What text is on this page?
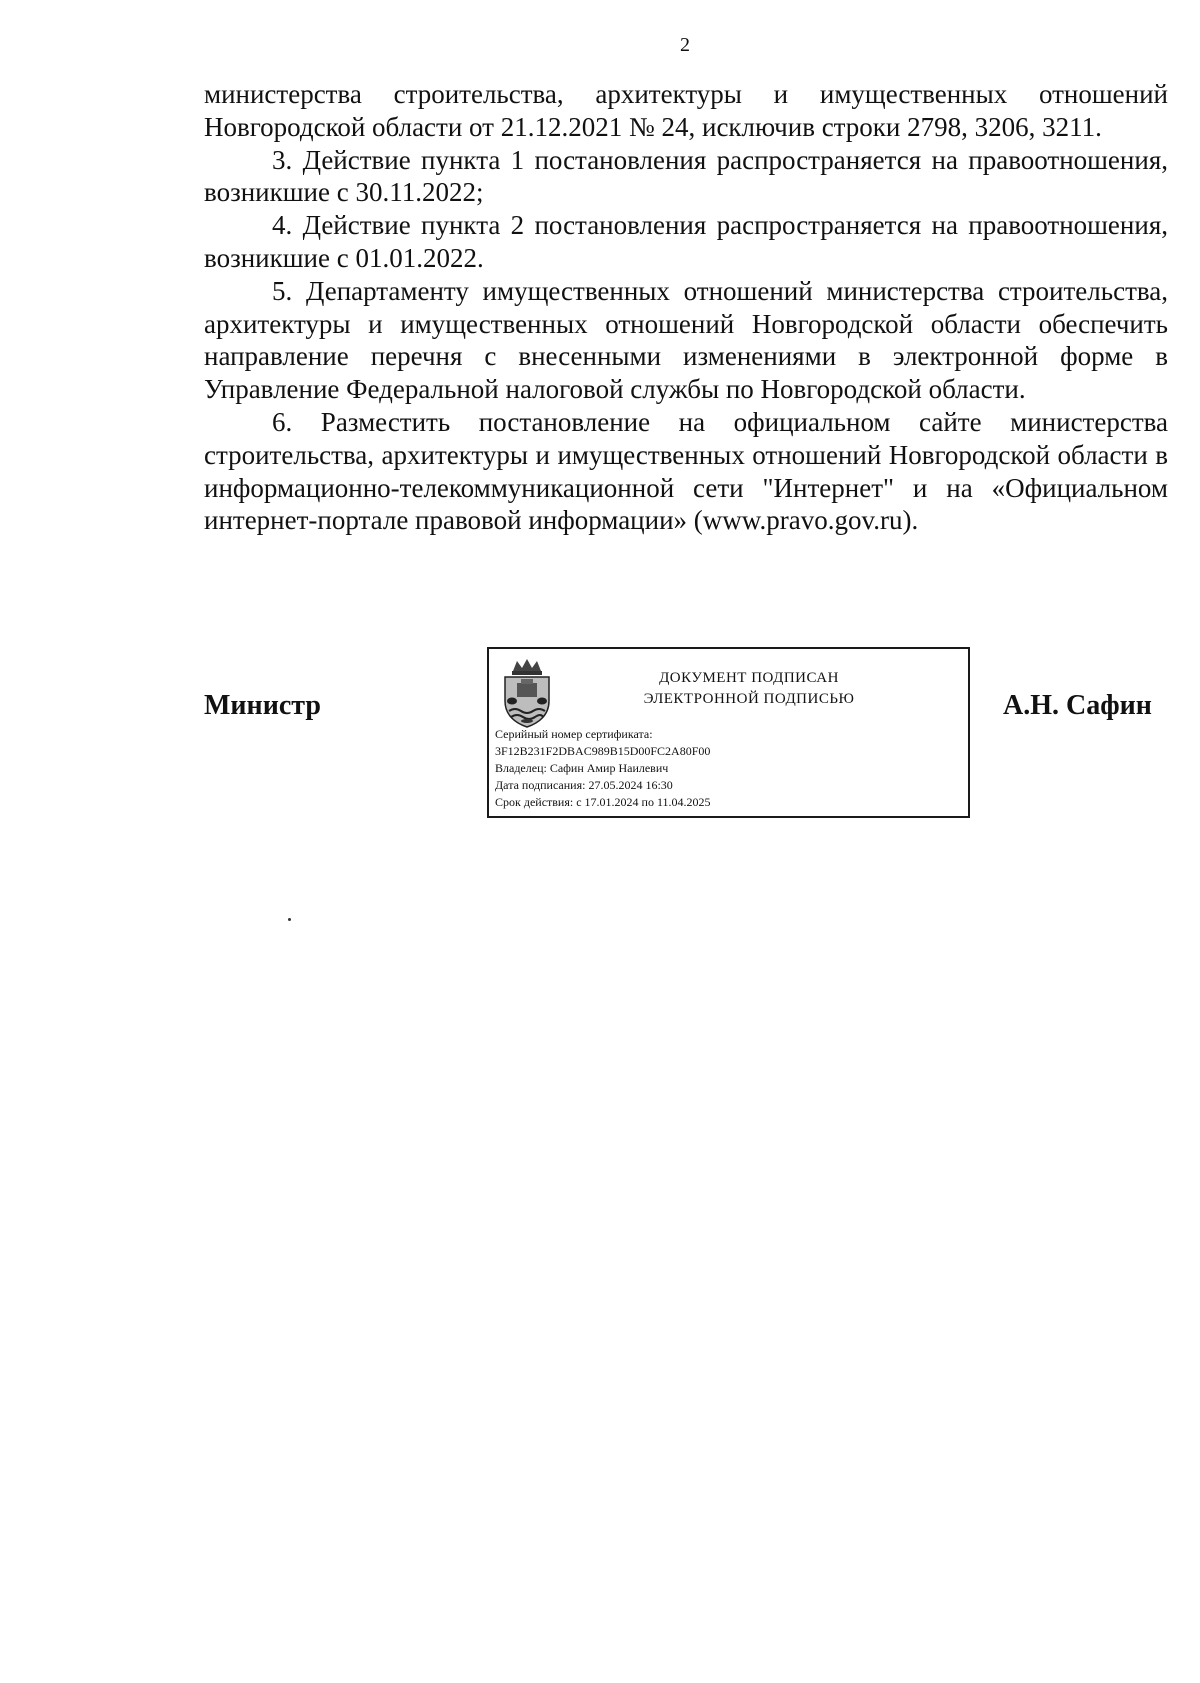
2

министерства строительства, архитектуры и имущественных отношений Новгородской области от 21.12.2021 № 24, исключив строки 2798, 3206, 3211.

3. Действие пункта 1 постановления распространяется на правоотношения, возникшие с 30.11.2022;

4. Действие пункта 2 постановления распространяется на правоотношения, возникшие с 01.01.2022.

5. Департаменту имущественных отношений министерства строительства, архитектуры и имущественных отношений Новгородской области обеспечить направление перечня с внесенными изменениями в электронной форме в Управление Федеральной налоговой службы по Новгородской области.

6. Разместить постановление на официальном сайте министерства строительства, архитектуры и имущественных отношений Новгородской области в информационно-телекоммуникационной сети "Интернет" и на «Официальном интернет-портале правовой информации» (www.pravo.gov.ru).

Министр
ДОКУМЕНТ ПОДПИСАН
ЭЛЕКТРОННОЙ ПОДПИСЬЮ
Серийный номер сертификата:
3F12B231F2DBAC989B15D00FC2A80F00
Владелец: Сафин Амир Наилевич
Дата подписания: 27.05.2024 16:30
Срок действия: с 17.01.2024 по 11.04.2025
А.Н. Сафин
